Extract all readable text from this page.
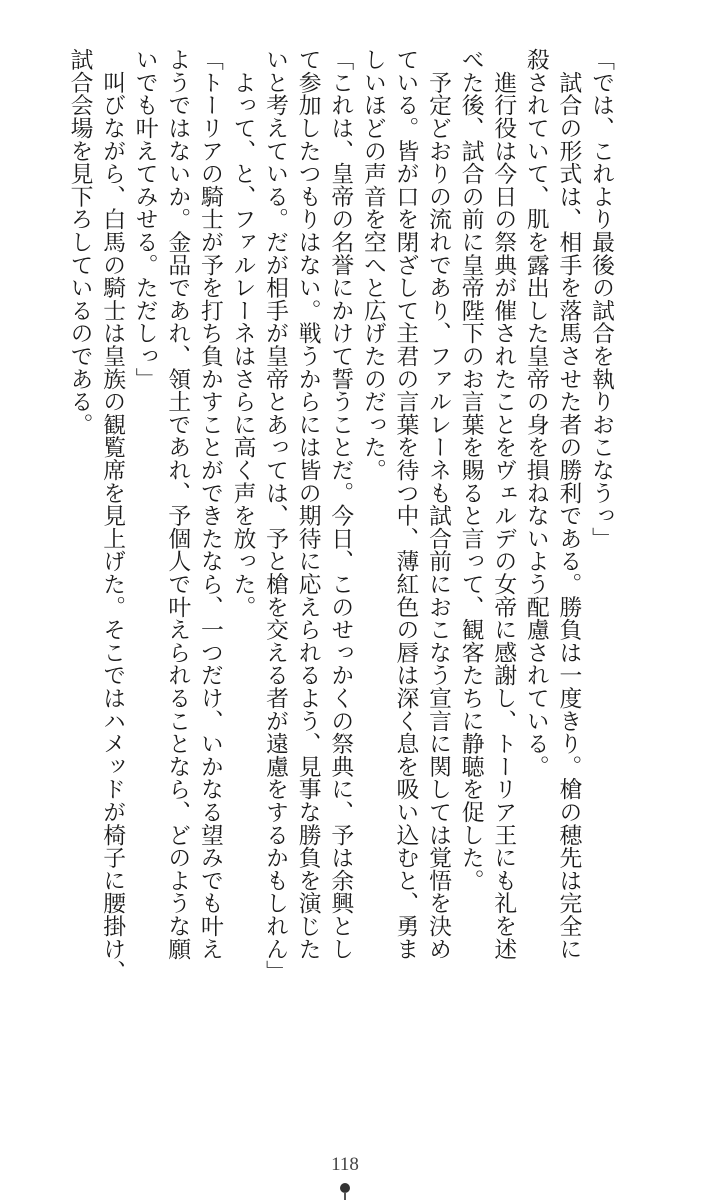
「では、これより最後の試合を執りおこなうっ」
　試合の形式は、相手を落馬させた者の勝利である。勝負は一度きり。槍の穂先は完全に
殺されていて、肌を露出した皇帝の身を損ねないよう配慮されている。
　進行役は今日の祭典が催されたことをヴェルデの女帝に感謝し、トーリア王にも礼を述
べた後、試合の前に皇帝陛下のお言葉を賜ると言って、観客たちに静聴を促した。
　予定どおりの流れであり、ファルレーネも試合前におこなう宣言に関しては覚悟を決め
ている。皆が口を閉ざして主君の言葉を待つ中、薄紅色の唇は深く息を吸い込むと、勇ま
しいほどの声音を空へと広げたのだった。
「これは、皇帝の名誉にかけて誓うことだ。今日、このせっかくの祭典に、予は余興とし
て参加したつもりはない。戦うからには皆の期待に応えられるよう、見事な勝負を演じた
いと考えている。だが相手が皇帝とあっては、予と槍を交える者が遠慮をするかもしれん」
　よって、と、ファルレーネはさらに高く声を放った。
「トーリアの騎士が予を打ち負かすことができたなら、一つだけ、いかなる望みでも叶え
ようではないか。金品であれ、領土であれ、予個人で叶えられることなら、どのような願
いでも叶えてみせる。ただしっ」
　叫びながら、白馬の騎士は皇族の観覧席を見上げた。そこではハメッドが椅子に腰掛け、
試合会場を見下ろしているのである。
118
